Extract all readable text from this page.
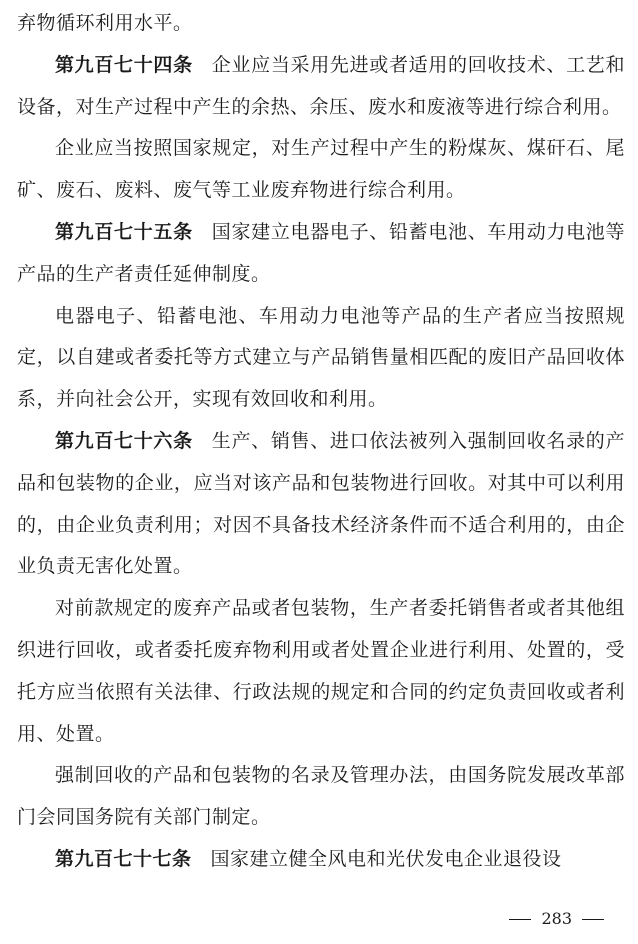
弃物循环利用水平。

第九百七十四条 企业应当采用先进或者适用的回收技术、工艺和设备，对生产过程中产生的余热、余压、废水和废液等进行综合利用。

企业应当按照国家规定，对生产过程中产生的粉煤灰、煤矸石、尾矿、废石、废料、废气等工业废弃物进行综合利用。

第九百七十五条 国家建立电器电子、铅蓄电池、车用动力电池等产品的生产者责任延伸制度。

电器电子、铅蓄电池、车用动力电池等产品的生产者应当按照规定，以自建或者委托等方式建立与产品销售量相匹配的废旧产品回收体系，并向社会公开，实现有效回收和利用。

第九百七十六条 生产、销售、进口依法被列入强制回收名录的产品和包装物的企业，应当对该产品和包装物进行回收。对其中可以利用的，由企业负责利用；对因不具备技术经济条件而不适合利用的，由企业负责无害化处置。

对前款规定的废弃产品或者包装物，生产者委托销售者或者其他组织进行回收，或者委托废弃物利用或者处置企业进行利用、处置的，受托方应当依照有关法律、行政法规的规定和合同的约定负责回收或者利用、处置。

强制回收的产品和包装物的名录及管理办法，由国务院发展改革部门会同国务院有关部门制定。

第九百七十七条 国家建立健全风电和光伏发电企业退役设

283
